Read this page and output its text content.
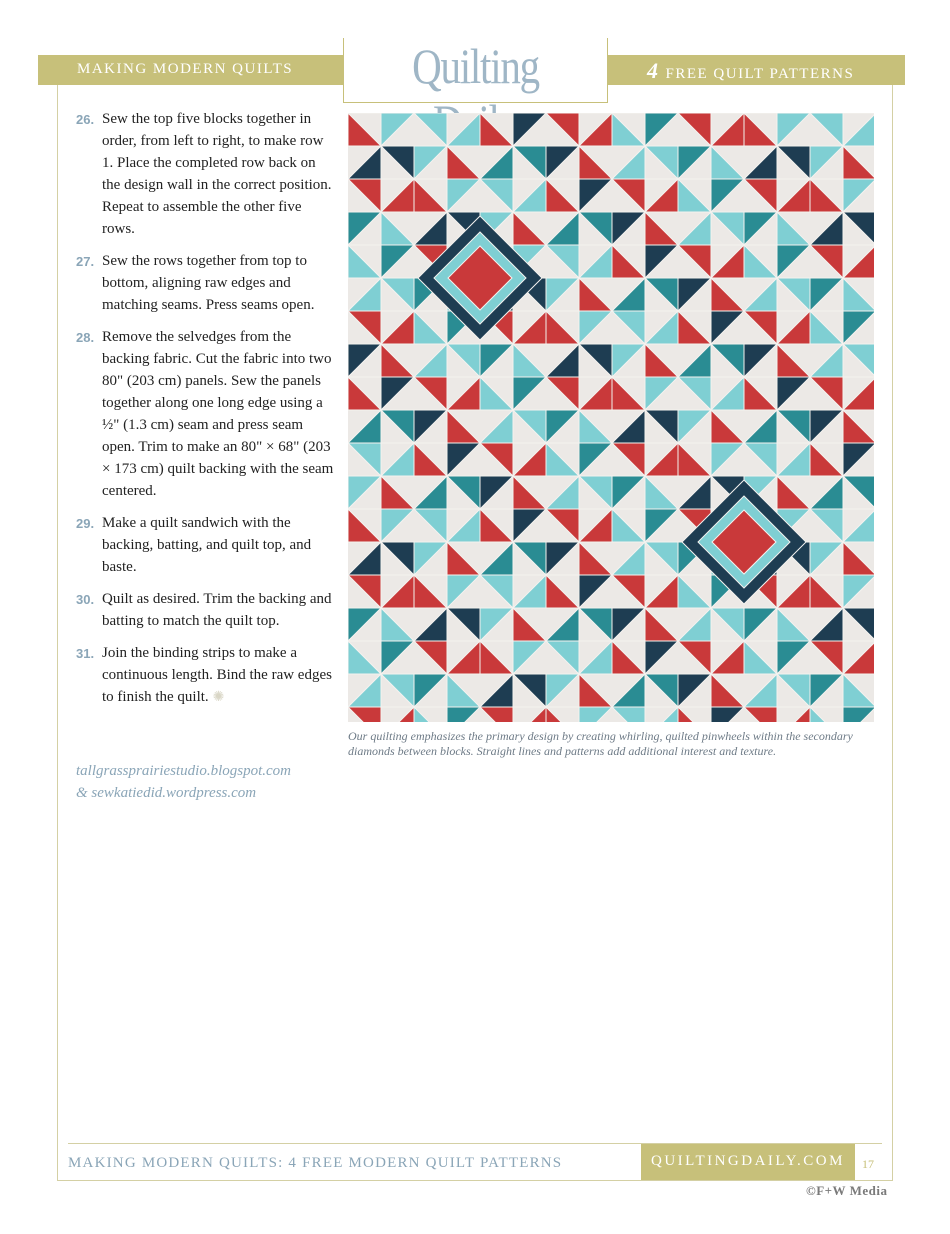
MAKING MODERN QUILTS	4 FREE QUILT PATTERNS
Quilting
26. Sew the top five blocks together in order, from left to right, to make row 1. Place the completed row back on the design wall in the correct position. Repeat to assemble the other five rows.
27. Sew the rows together from top to bottom, aligning raw edges and matching seams. Press seams open.
28. Remove the selvedges from the backing fabric. Cut the fabric into two 80" (203 cm) panels. Sew the panels together along one long edge using a ½" (1.3 cm) seam and press seam open. Trim to make an 80" × 68" (203 × 173 cm) quilt backing with the seam centered.
29. Make a quilt sandwich with the backing, batting, and quilt top, and baste.
30. Quilt as desired. Trim the backing and batting to match the quilt top.
31. Join the binding strips to make a continuous length. Bind the raw edges to finish the quilt. ✺
tallgrassprairiestudio.blogspot.com
& sewkatiedid.wordpress.com
Our quilting emphasizes the primary design by creating whirling, quilted pinwheels within the secondary diamonds between blocks. Straight lines and patterns add additional interest and texture.
MAKING MODERN QUILTS: 4 FREE MODERN QUILT PATTERNS	QUILTINGDAILY.COM 17
©F+W Media
